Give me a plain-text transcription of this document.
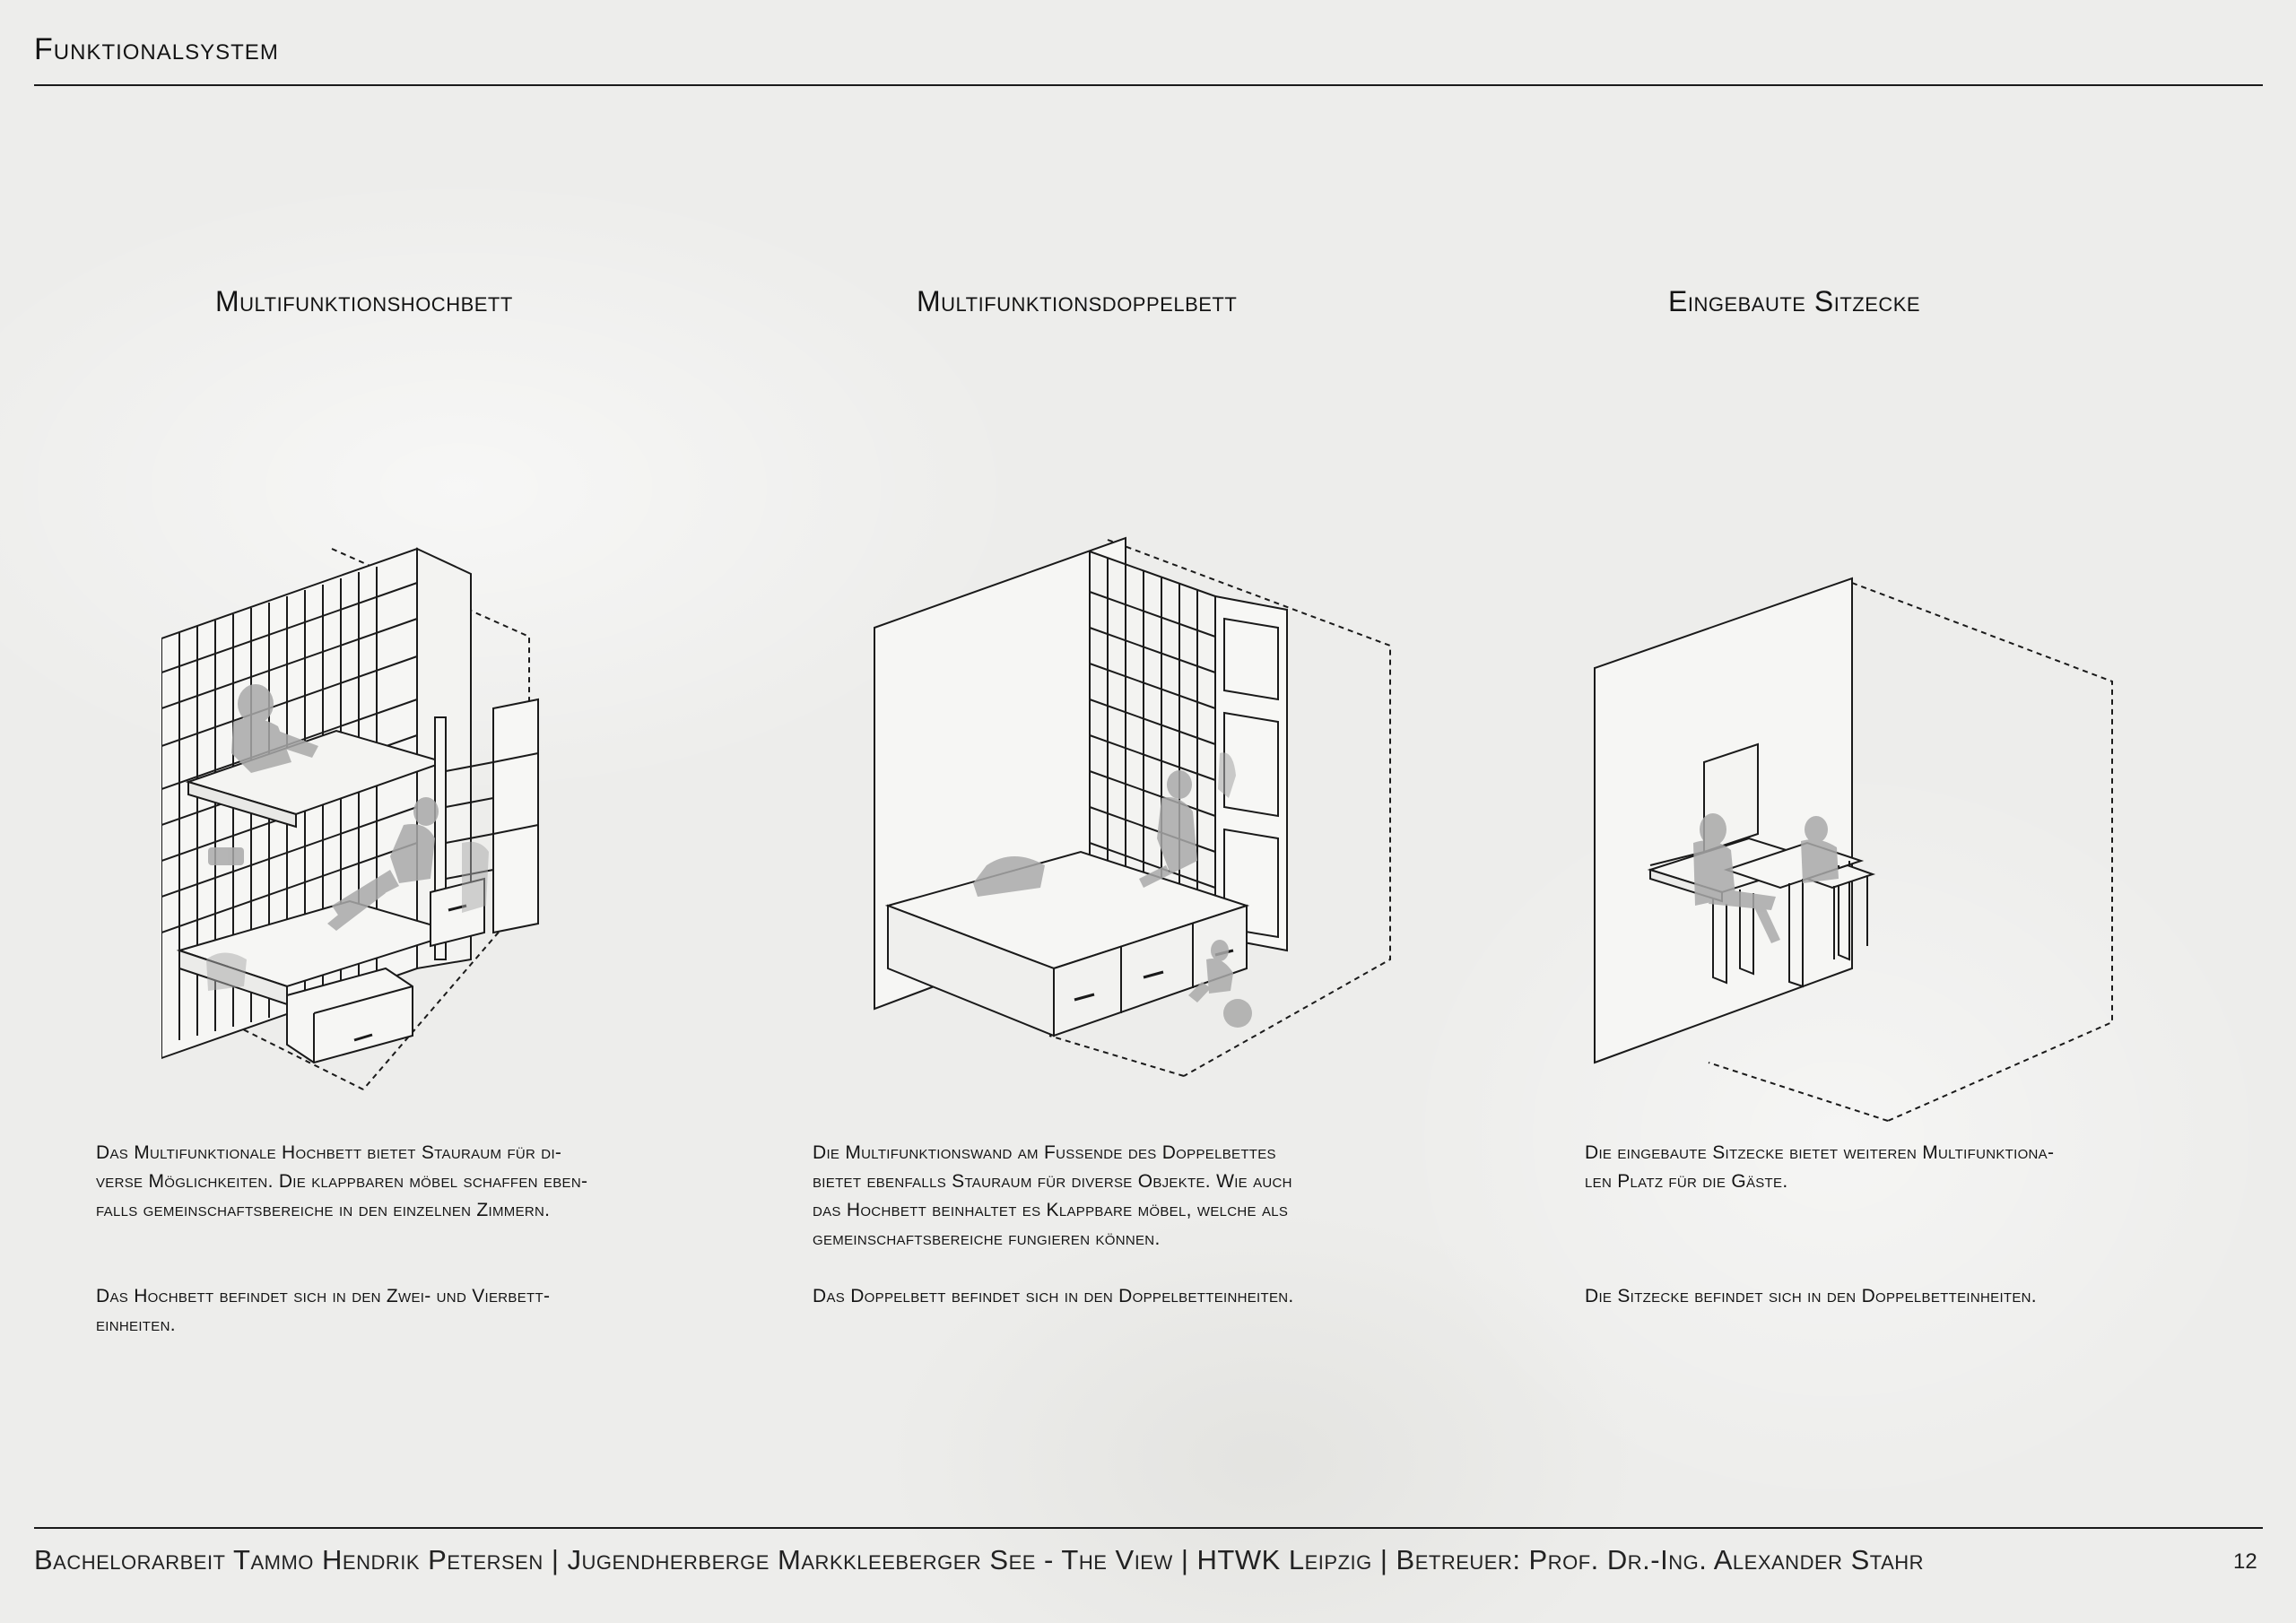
Funktionalsystem
Multifunktionshochbett
Das Multifunktionale Hochbett bietet Stauraum für di-
verse Möglichkeiten. Die klappbaren möbel schaffen eben-
falls gemeinschaftsbereiche in den einzelnen Zimmern.
Das Hochbett befindet sich in den Zwei- und Vierbett-
einheiten.
Multifunktionsdoppelbett
Die Multifunktionswand am Fussende des Doppelbettes
bietet ebenfalls Stauraum für diverse Objekte. Wie auch
das Hochbett beinhaltet es Klappbare möbel, welche als
gemeinschaftsbereiche fungieren können.
Das Doppelbett befindet sich in den Doppelbetteinheiten.
Eingebaute Sitzecke
Die eingebaute Sitzecke bietet weiteren Multifunktiona-
len Platz für die Gäste.
Die Sitzecke befindet sich in den Doppelbetteinheiten.
Bachelorarbeit Tammo Hendrik Petersen | Jugendherberge Markkleeberger See - The View | HTWK Leipzig | Betreuer: Prof. Dr.-Ing. Alexander Stahr	12
